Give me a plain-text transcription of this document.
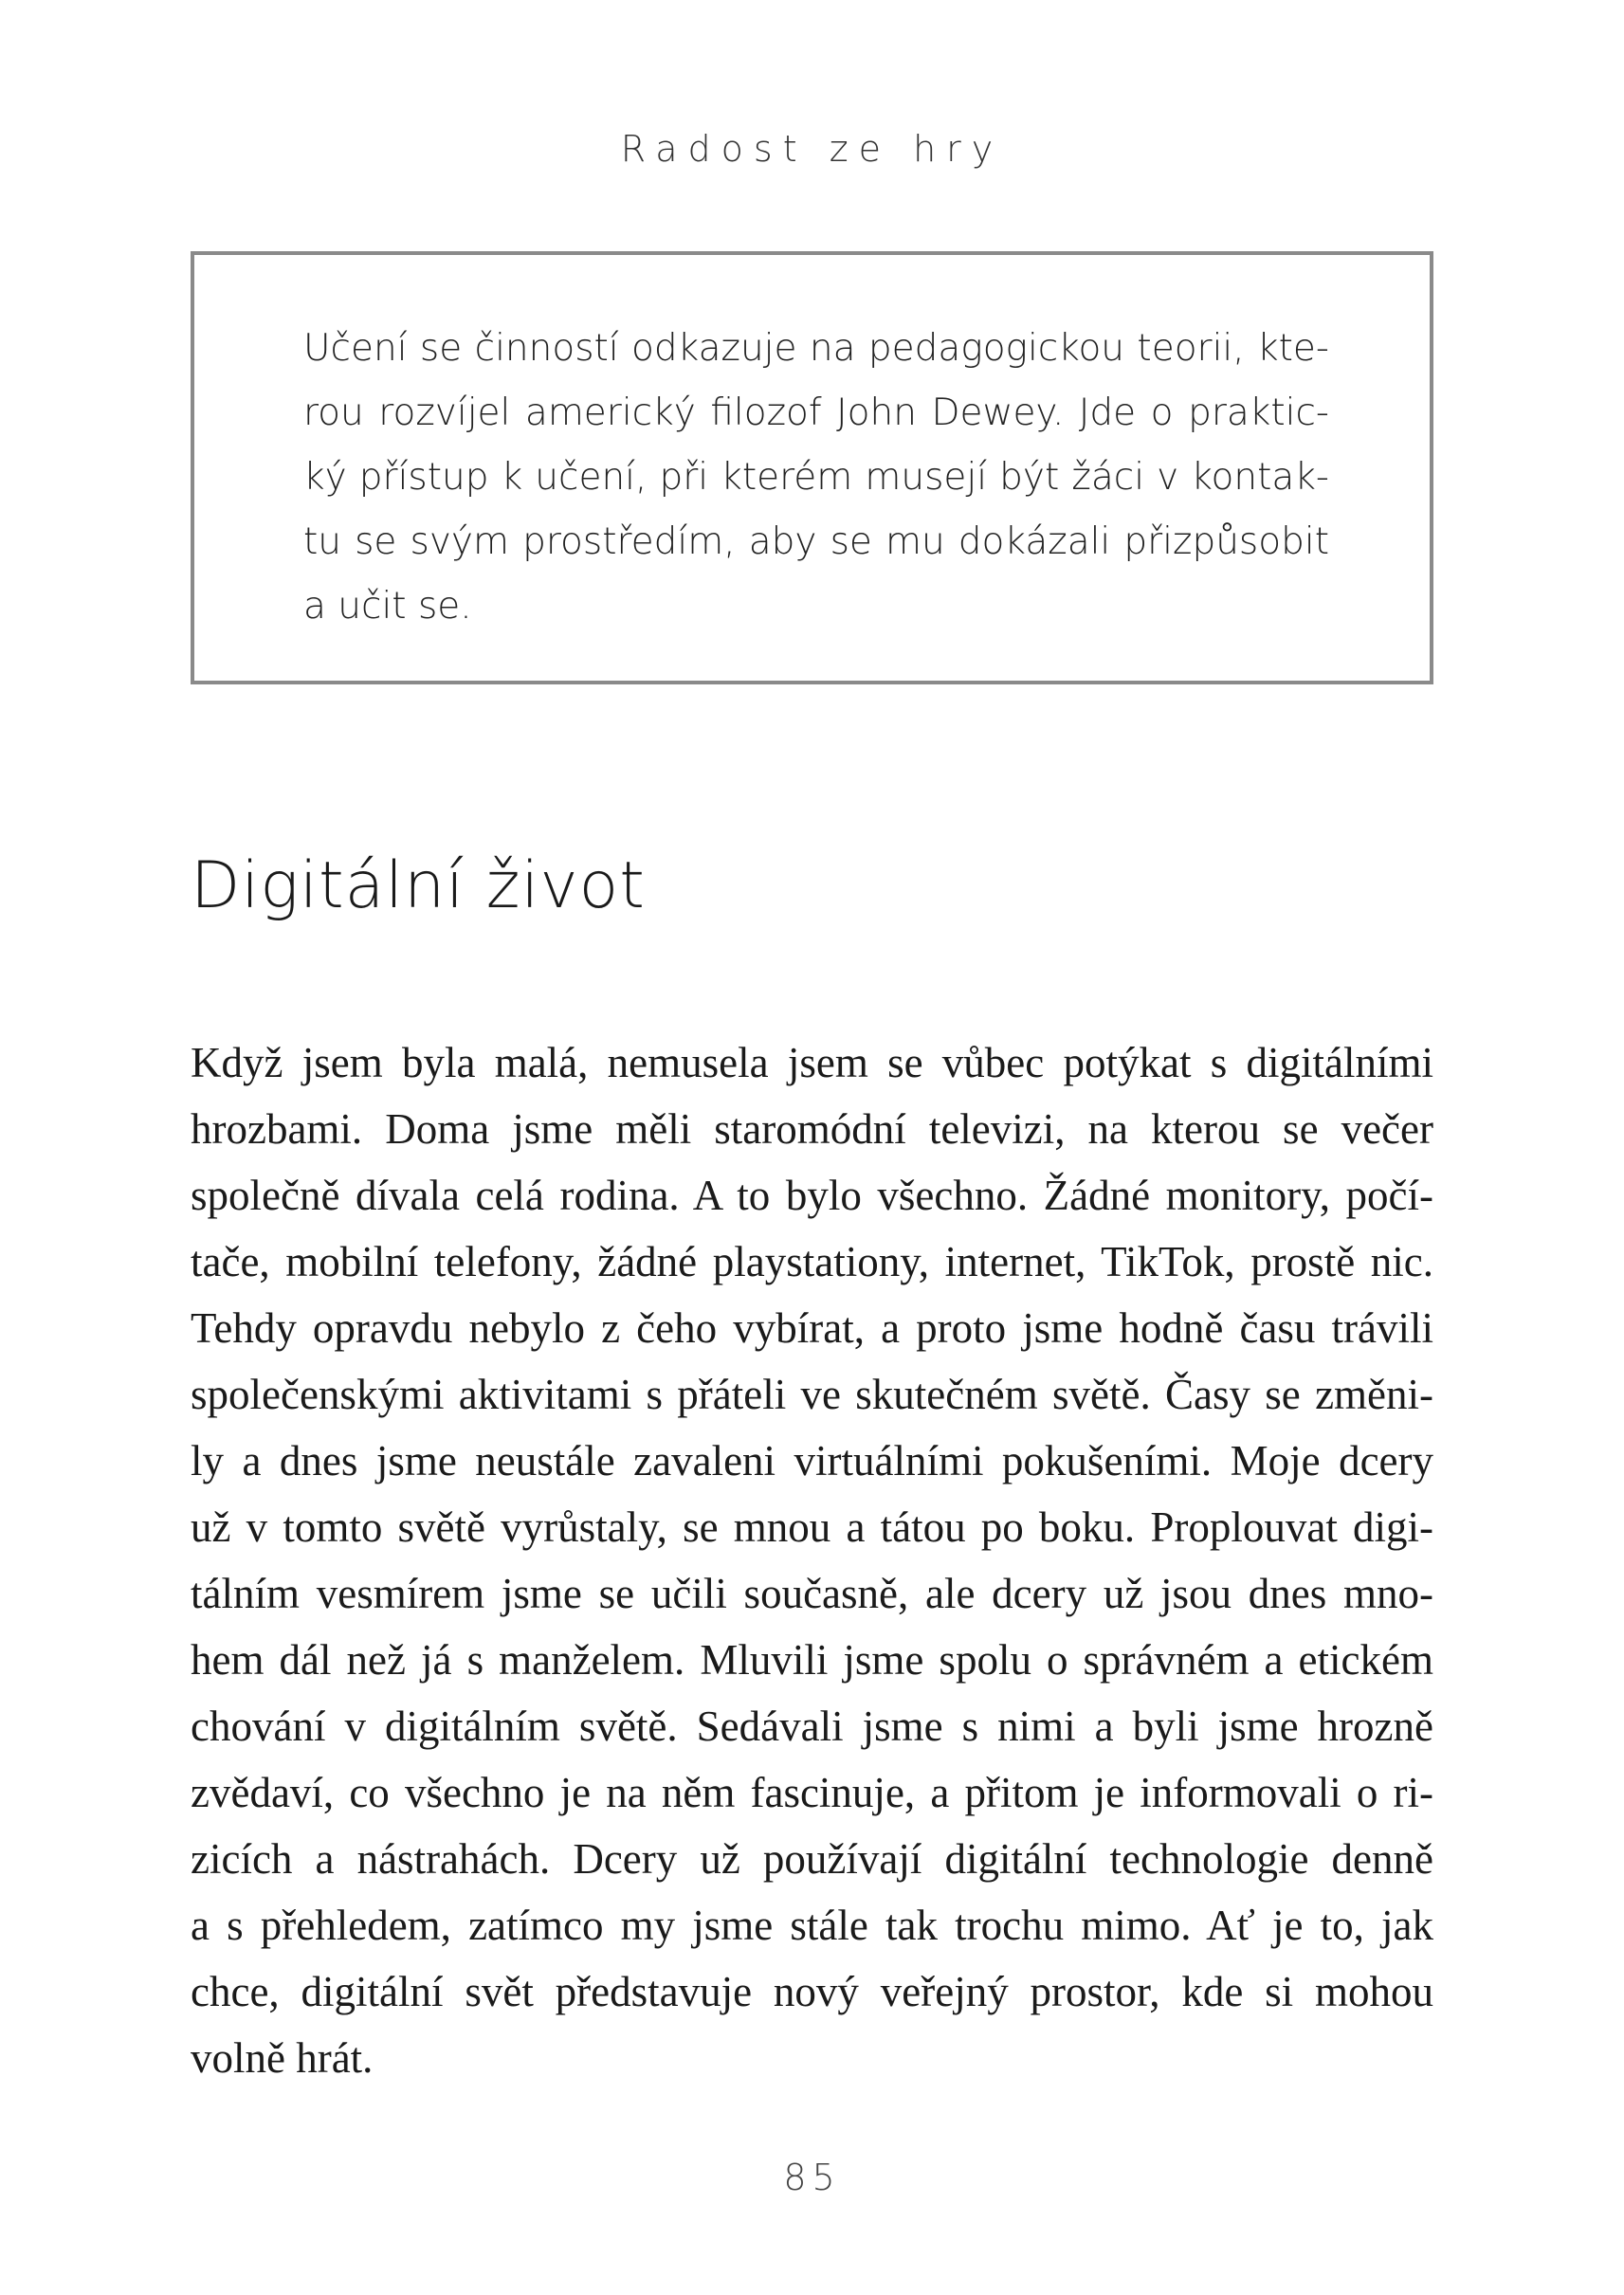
Radost ze hry
Učení se činností odkazuje na pedagogickou teorii, kte-
rou rozvíjel americký filozof John Dewey. Jde o praktic-
ký přístup k učení, při kterém musejí být žáci v kontak-
tu se svým prostředím, aby se mu dokázali přizpůsobit
a učit se.
Digitální život
Když jsem byla malá, nemusela jsem se vůbec potýkat s digitálními
hrozbami. Doma jsme měli staromódní televizi, na kterou se večer
společně dívala celá rodina. A to bylo všechno. Žádné monitory, počí-
tače, mobilní telefony, žádné playstationy, internet, TikTok, prostě nic.
Tehdy opravdu nebylo z čeho vybírat, a proto jsme hodně času trávili
společenskými aktivitami s přáteli ve skutečném světě. Časy se změni-
ly a dnes jsme neustále zavaleni virtuálními pokušeními. Moje dcery
už v tomto světě vyrůstaly, se mnou a tátou po boku. Proplouvat digi-
tálním vesmírem jsme se učili současně, ale dcery už jsou dnes mno-
hem dál než já s manželem. Mluvili jsme spolu o správném a etickém
chování v digitálním světě. Sedávali jsme s nimi a byli jsme hrozně
zvědaví, co všechno je na něm fascinuje, a přitom je informovali o ri-
zicích a nástrahách. Dcery už používají digitální technologie denně
a s přehledem, zatímco my jsme stále tak trochu mimo. Ať je to, jak
chce, digitální svět představuje nový veřejný prostor, kde si mohou
volně hrát.
85
